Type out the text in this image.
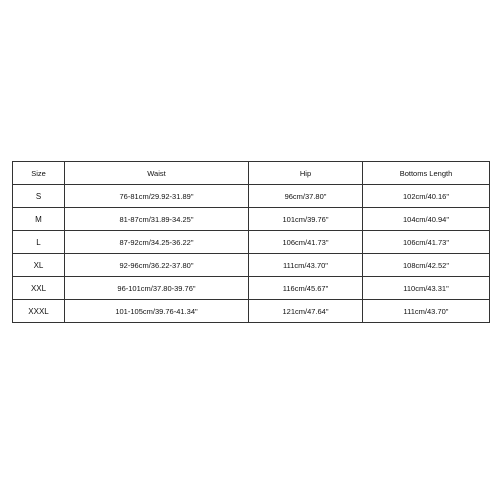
Size	Waist	Hip	Bottoms Length
S	76-81cm/29.92-31.89"	96cm/37.80"	102cm/40.16"
M	81-87cm/31.89-34.25"	101cm/39.76"	104cm/40.94"
L	87-92cm/34.25-36.22"	106cm/41.73"	106cm/41.73"
XL	92-96cm/36.22-37.80"	111cm/43.70"	108cm/42.52"
XXL	96-101cm/37.80-39.76"	116cm/45.67"	110cm/43.31"
XXXL	101-105cm/39.76-41.34"	121cm/47.64"	111cm/43.70"
